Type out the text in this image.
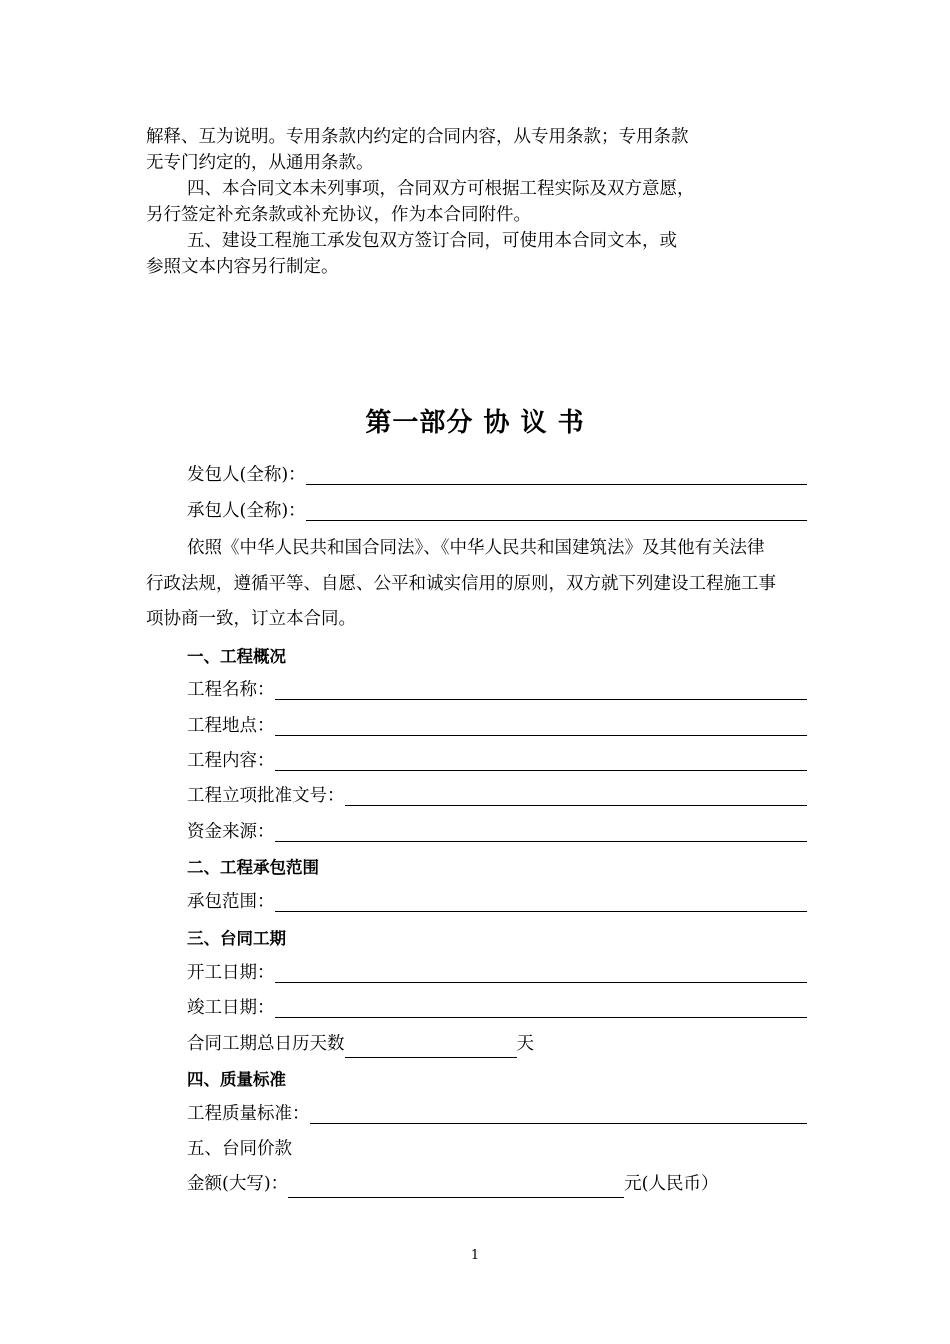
解释、互为说明。专用条款内约定的合同内容，从专用条款；专用条款

无专门约定的，从通用条款。

四、本合同文本未列事项，合同双方可根据工程实际及双方意愿，

另行签定补充条款或补充协议，作为本合同附件。

五、建设工程施工承发包双方签订合同，可使用本合同文本，或

参照文本内容另行制定。

第一部分 协 议 书
发包人(全称)：
承包人(全称)：

依照《中华人民共和国合同法》、《中华人民共和国建筑法》及其他有关法律

行政法规，遵循平等、自愿、公平和诚实信用的原则，双方就下列建设工程施工事

项协商一致，订立本合同。

一、工程概况
工程名称：
工程地点：
工程内容：
工程立项批准文号：
资金来源：
二、工程承包范围
承包范围：
三、台同工期
开工日期：
竣工日期：
合同工期总日历天数	天
四、质量标准
工程质量标准：
五、台同价款
金额(大写)：	元(人民币）
1
